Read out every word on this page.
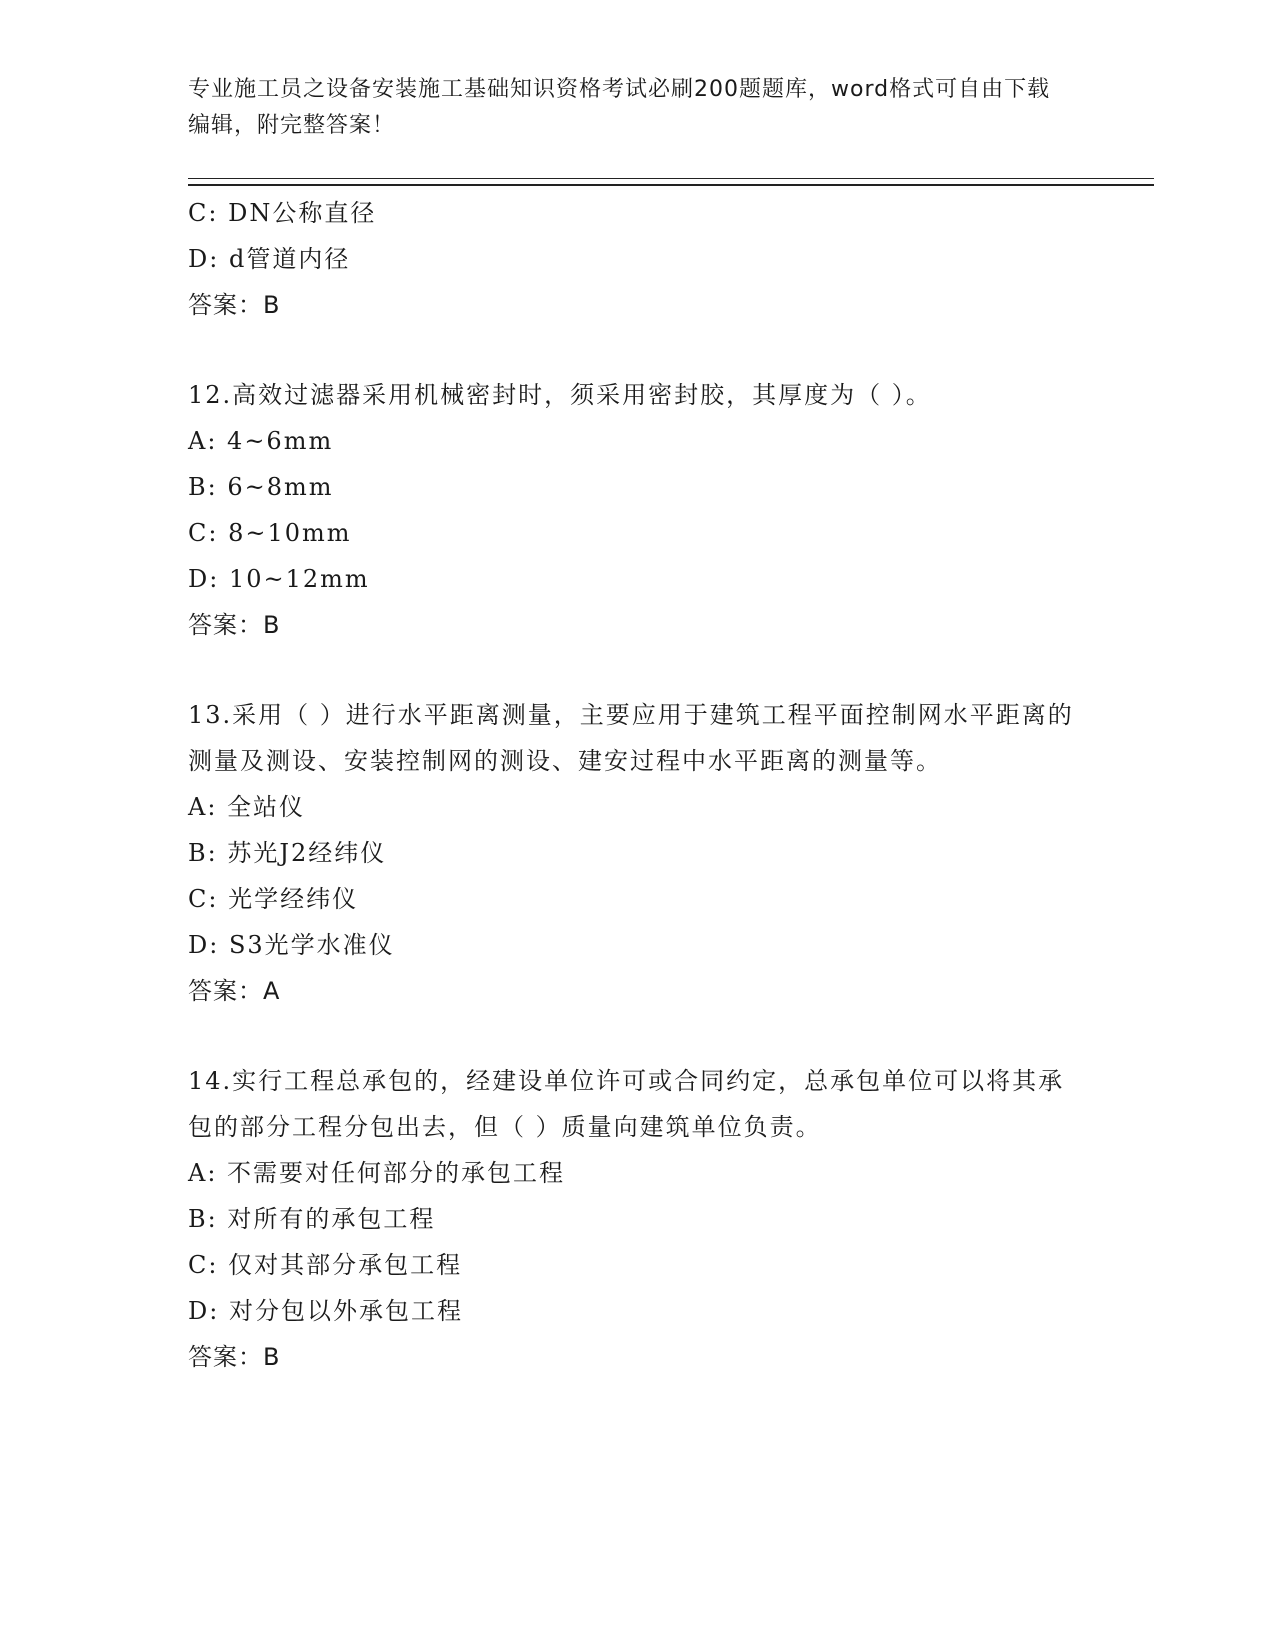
专业施工员之设备安装施工基础知识资格考试必刷200题题库，word格式可自由下载编辑，附完整答案！
C: DN公称直径
D: d管道内径
答案：B
12.高效过滤器采用机械密封时，须采用密封胶，其厚度为（ ）。
A: 4~6mm
B: 6~8mm
C: 8~10mm
D: 10~12mm
答案：B
13.采用（ ）进行水平距离测量，主要应用于建筑工程平面控制网水平距离的测量及测设、安装控制网的测设、建安过程中水平距离的测量等。
A: 全站仪
B: 苏光J2经纬仪
C: 光学经纬仪
D: S3光学水准仪
答案：A
14.实行工程总承包的，经建设单位许可或合同约定，总承包单位可以将其承包的部分工程分包出去，但（ ）质量向建筑单位负责。
A: 不需要对任何部分的承包工程
B: 对所有的承包工程
C: 仅对其部分承包工程
D: 对分包以外承包工程
答案：B
